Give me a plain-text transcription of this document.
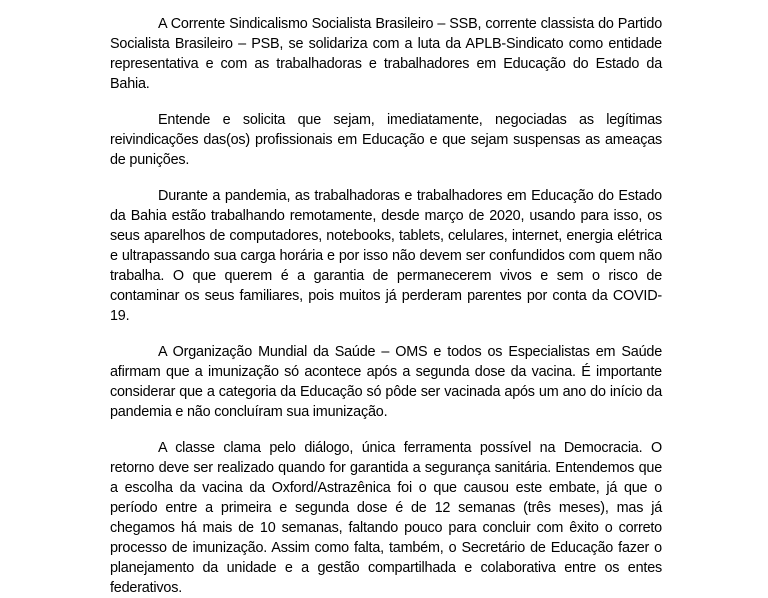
A Corrente Sindicalismo Socialista Brasileiro – SSB, corrente classista do Partido Socialista Brasileiro – PSB, se solidariza com a luta da APLB-Sindicato como entidade representativa e com as trabalhadoras e trabalhadores em Educação do Estado da Bahia.

Entende e solicita que sejam, imediatamente, negociadas as legítimas reivindicações das(os) profissionais em Educação e que sejam suspensas as ameaças de punições.

Durante a pandemia, as trabalhadoras e trabalhadores em Educação do Estado da Bahia estão trabalhando remotamente, desde março de 2020, usando para isso, os seus aparelhos de computadores, notebooks, tablets, celulares, internet, energia elétrica e ultrapassando sua carga horária e por isso não devem ser confundidos com quem não trabalha. O que querem é a garantia de permanecerem vivos e sem o risco de contaminar os seus familiares, pois muitos já perderam parentes por conta da COVID-19.

A Organização Mundial da Saúde – OMS e todos os Especialistas em Saúde afirmam que a imunização só acontece após a segunda dose da vacina. É importante considerar que a categoria da Educação só pôde ser vacinada após um ano do início da pandemia e não concluíram sua imunização.

A classe clama pelo diálogo, única ferramenta possível na Democracia. O retorno deve ser realizado quando for garantida a segurança sanitária. Entendemos que a escolha da vacina da Oxford/Astrazênica foi o que causou este embate, já que o período entre a primeira e segunda dose é de 12 semanas (três meses), mas já chegamos há mais de 10 semanas, faltando pouco para concluir com êxito o correto processo de imunização. Assim como falta, também, o Secretário de Educação fazer o planejamento da unidade e a gestão compartilhada e colaborativa entre os entes federativos.
